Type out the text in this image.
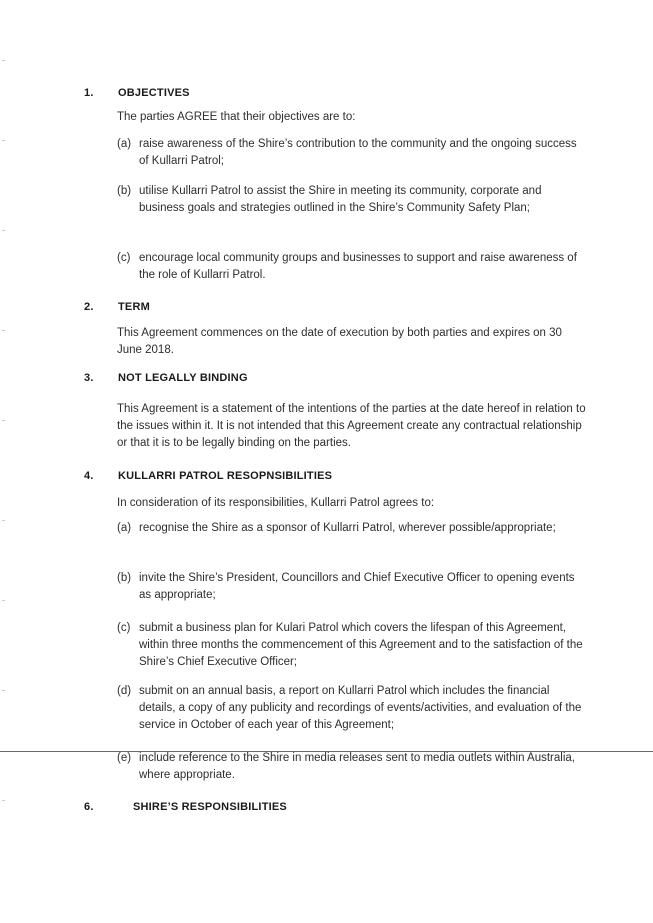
1. OBJECTIVES
The parties AGREE that their objectives are to:
(a) raise awareness of the Shire’s contribution to the community and the ongoing success of Kullarri Patrol;
(b) utilise Kullarri Patrol to assist the Shire in meeting its community, corporate and business goals and strategies outlined in the Shire’s Community Safety Plan;
(c) encourage local community groups and businesses to support and raise awareness of the role of Kullarri Patrol.
2. TERM
This Agreement commences on the date of execution by both parties and expires on 30 June 2018.
3. NOT LEGALLY BINDING
This Agreement is a statement of the intentions of the parties at the date hereof in relation to the issues within it. It is not intended that this Agreement create any contractual relationship or that it is to be legally binding on the parties.
4. KULLARRI PATROL RESOPNSIBILITIES
In consideration of its responsibilities, Kullarri Patrol agrees to:
(a) recognise the Shire as a sponsor of Kullarri Patrol, wherever possible/appropriate;
(b) invite the Shire’s President, Councillors and Chief Executive Officer to opening events as appropriate;
(c) submit a business plan for Kulari Patrol which covers the lifespan of this Agreement, within three months the commencement of this Agreement and to the satisfaction of the Shire’s Chief Executive Officer;
(d) submit on an annual basis, a report on Kullarri Patrol which includes the financial details, a copy of any publicity and recordings of events/activities, and evaluation of the service in October of each year of this Agreement;
(e) include reference to the Shire in media releases sent to media outlets within Australia, where appropriate.
6.	SHIRE’S RESPONSIBILITIES
